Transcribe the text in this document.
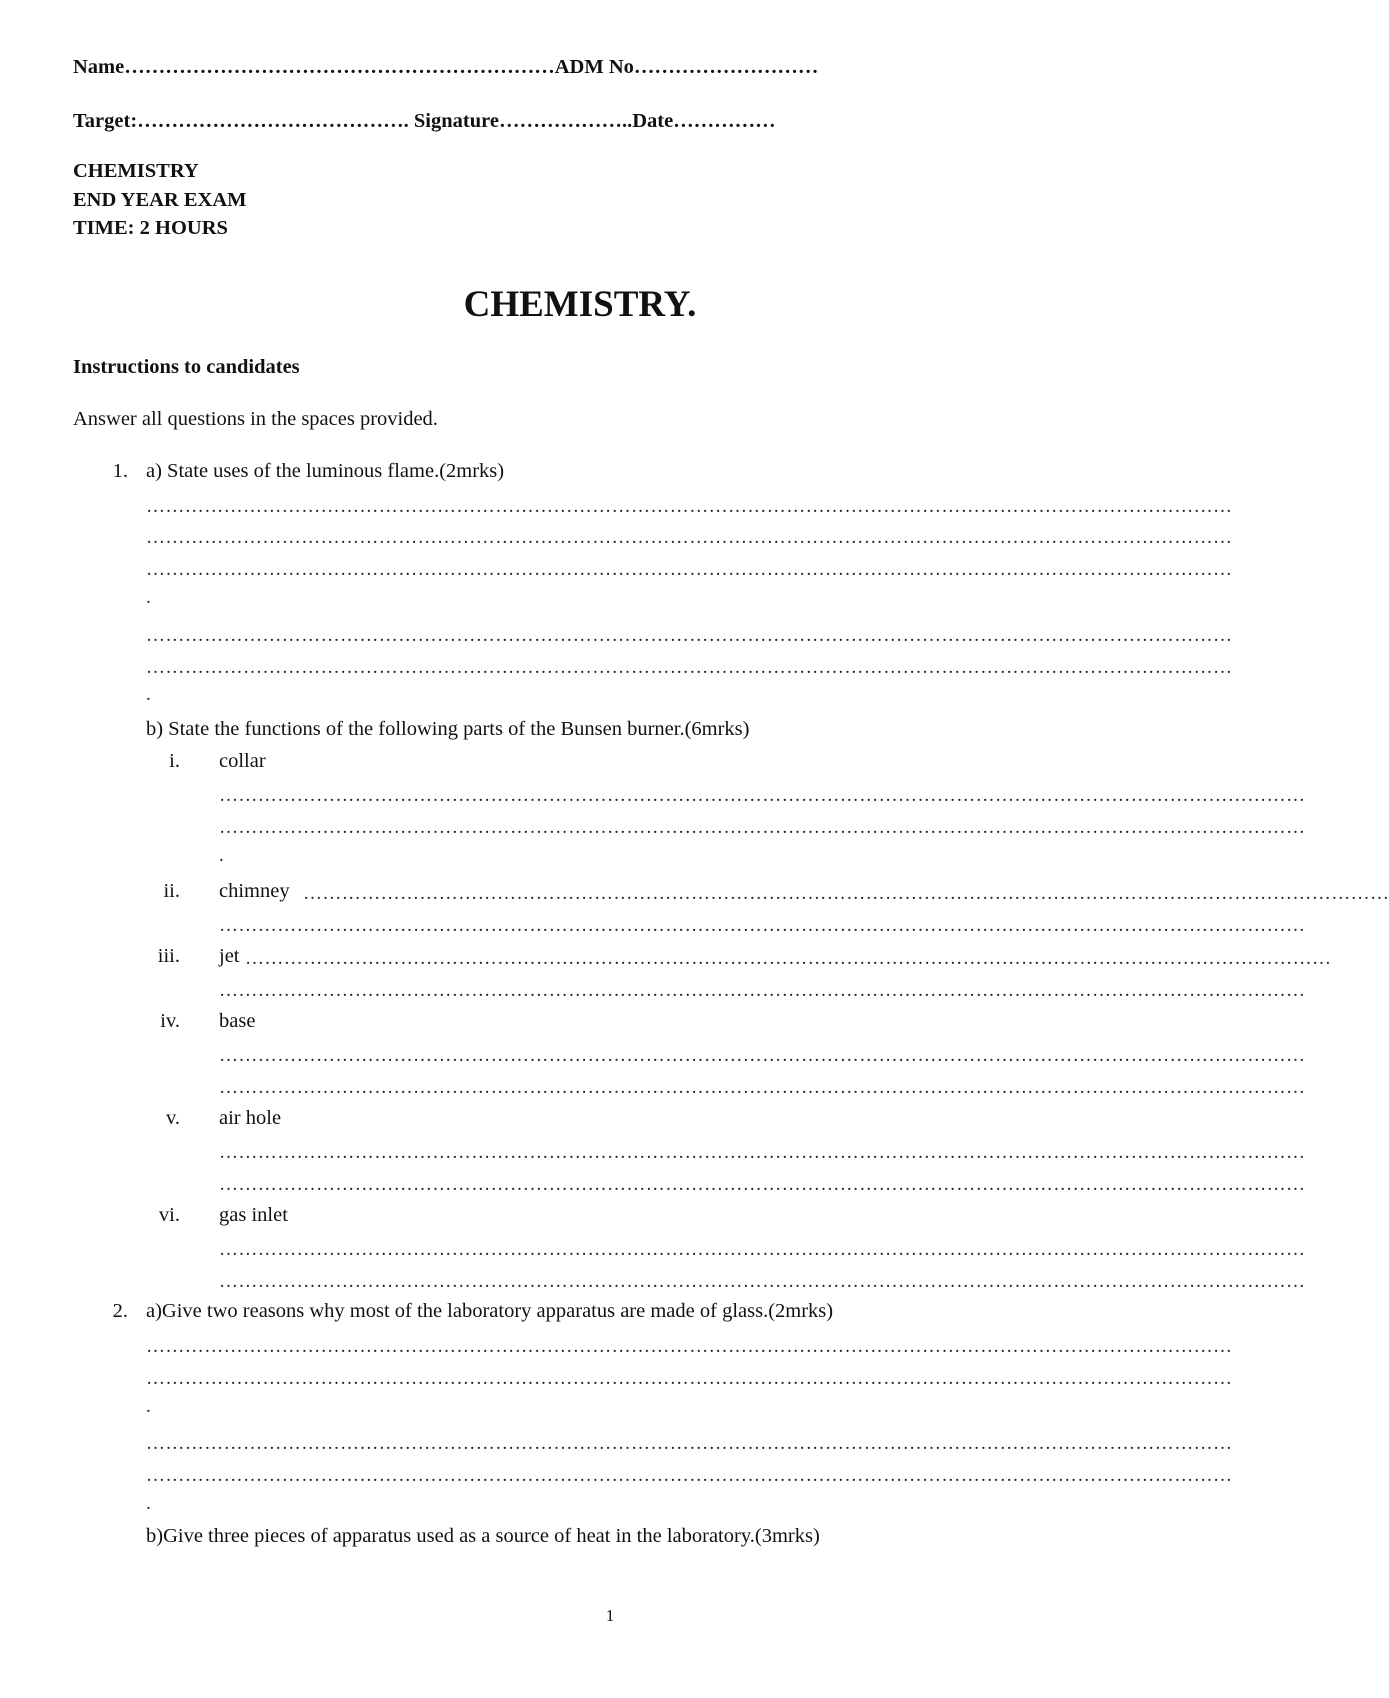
Name………………………………………………………ADM No………………………
Target:…………………………………. Signature………………..Date……………
CHEMISTRY
END YEAR EXAM
TIME: 2 HOURS
CHEMISTRY.
Instructions to candidates
Answer all questions in the spaces provided.
1. a) State uses of the luminous flame.(2mrks)
……………………………………………………………………………………………………………………………………………………
……………………………………………………………………………………………………………………………………………………
……………………………………………………………………………………………………………………………………………………
.
……………………………………………………………………………………………………………………………………………………
……………………………………………………………………………………………………………………………………………………
.
b) State the functions of the following parts of the Bunsen burner.(6mrks)
i. collar
……………………………………………………………………………………………………………………………………………………
……………………………………………………………………………………………………………………………………………………
.
ii. chimney ……………………………………………………………………………………………………………………………………………………
……………………………………………………………………………………………………………………………………………………
iii. jet ……………………………………………………………………………………………………………………………………………………
……………………………………………………………………………………………………………………………………………………
iv. base
……………………………………………………………………………………………………………………………………………………
……………………………………………………………………………………………………………………………………………………
v. air hole
……………………………………………………………………………………………………………………………………………………
……………………………………………………………………………………………………………………………………………………
vi. gas inlet
……………………………………………………………………………………………………………………………………………………
……………………………………………………………………………………………………………………………………………………
2. a)Give two reasons why most of the laboratory apparatus are made of glass.(2mrks)
……………………………………………………………………………………………………………………………………………………
……………………………………………………………………………………………………………………………………………………
.
……………………………………………………………………………………………………………………………………………………
……………………………………………………………………………………………………………………………………………………
.
b)Give three pieces of apparatus used as a source of heat in the laboratory.(3mrks)
1
